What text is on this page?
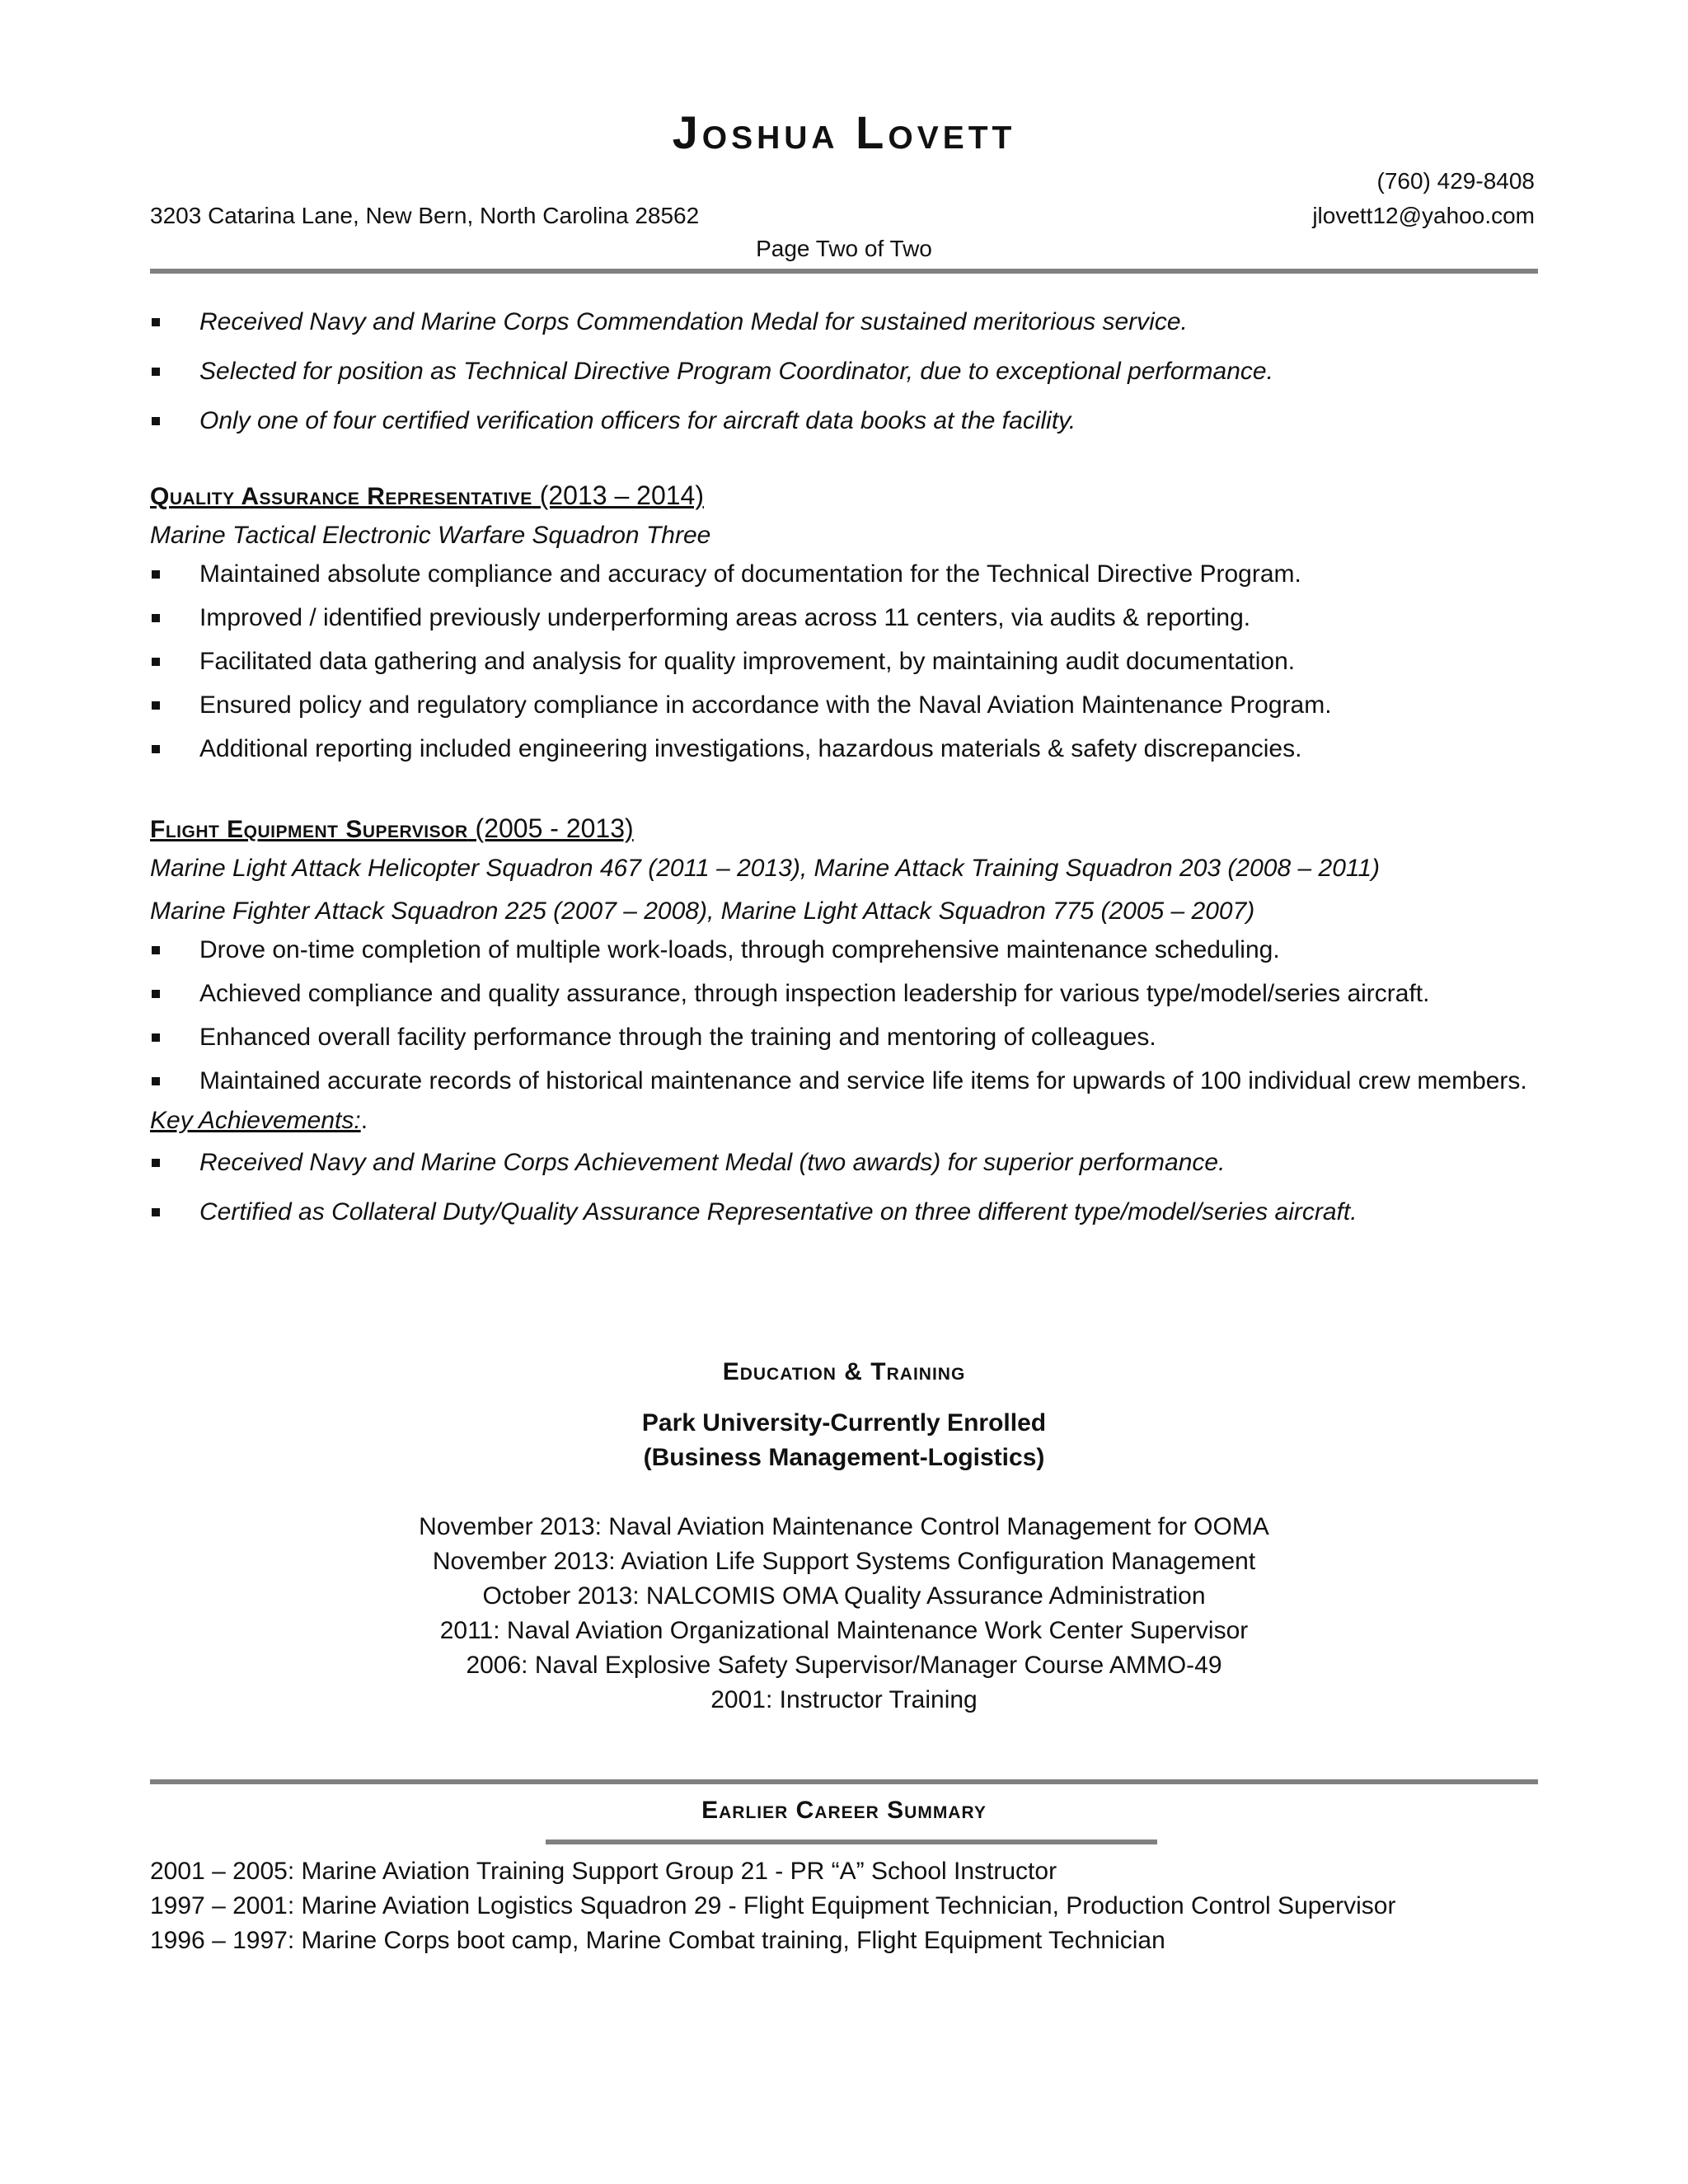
Joshua Lovett
(760) 429-8408
3203 Catarina Lane, New Bern, North Carolina 28562	jlovett12@yahoo.com
Page Two of Two
Received Navy and Marine Corps Commendation Medal for sustained meritorious service.
Selected for position as Technical Directive Program Coordinator, due to exceptional performance.
Only one of four certified verification officers for aircraft data books at the facility.
Quality Assurance Representative (2013 – 2014)
Marine Tactical Electronic Warfare Squadron Three
Maintained absolute compliance and accuracy of documentation for the Technical Directive Program.
Improved / identified previously underperforming areas across 11 centers, via audits & reporting.
Facilitated data gathering and analysis for quality improvement, by maintaining audit documentation.
Ensured policy and regulatory compliance in accordance with the Naval Aviation Maintenance Program.
Additional reporting included engineering investigations, hazardous materials & safety discrepancies.
Flight Equipment Supervisor (2005 - 2013)
Marine Light Attack Helicopter Squadron 467 (2011 – 2013), Marine Attack Training Squadron 203 (2008 – 2011)
Marine Fighter Attack Squadron 225 (2007 – 2008), Marine Light Attack Squadron 775 (2005 – 2007)
Drove on-time completion of multiple work-loads, through comprehensive maintenance scheduling.
Achieved compliance and quality assurance, through inspection leadership for various type/model/series aircraft.
Enhanced overall facility performance through the training and mentoring of colleagues.
Maintained accurate records of historical maintenance and service life items for upwards of 100 individual crew members.
Key Achievements:.
Received Navy and Marine Corps Achievement Medal (two awards) for superior performance.
Certified as Collateral Duty/Quality Assurance Representative on three different type/model/series aircraft.
Education & Training
Park University-Currently Enrolled
(Business Management-Logistics)
November 2013: Naval Aviation Maintenance Control Management for OOMA
November 2013: Aviation Life Support Systems Configuration Management
October 2013: NALCOMIS OMA Quality Assurance Administration
2011: Naval Aviation Organizational Maintenance Work Center Supervisor
2006: Naval Explosive Safety Supervisor/Manager Course AMMO-49
2001: Instructor Training
Earlier Career Summary
2001 – 2005: Marine Aviation Training Support Group 21 - PR “A” School Instructor
1997 – 2001: Marine Aviation Logistics Squadron 29 - Flight Equipment Technician, Production Control Supervisor
1996 – 1997: Marine Corps boot camp, Marine Combat training, Flight Equipment Technician
